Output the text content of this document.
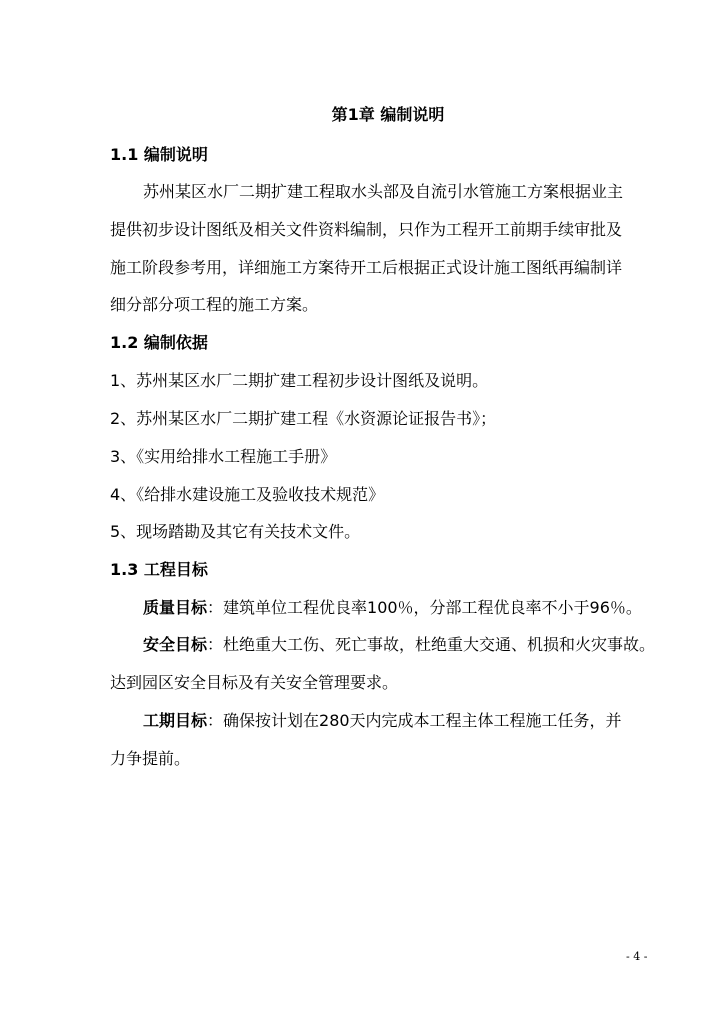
第1章 编制说明
1.1 编制说明
苏州某区水厂二期扩建工程取水头部及自流引水管施工方案根据业主
提供初步设计图纸及相关文件资料编制，只作为工程开工前期手续审批及
施工阶段参考用，详细施工方案待开工后根据正式设计施工图纸再编制详
细分部分项工程的施工方案。
1.2 编制依据
1、苏州某区水厂二期扩建工程初步设计图纸及说明。
2、苏州某区水厂二期扩建工程《水资源论证报告书》；
3、《实用给排水工程施工手册》
4、《给排水建设施工及验收技术规范》
5、现场踏勘及其它有关技术文件。
1.3 工程目标
质量目标：建筑单位工程优良率100％，分部工程优良率不小于96％。
安全目标：杜绝重大工伤、死亡事故，杜绝重大交通、机损和火灾事故。
达到园区安全目标及有关安全管理要求。
工期目标：确保按计划在280天内完成本工程主体工程施工任务，并
力争提前。
- 4 -
